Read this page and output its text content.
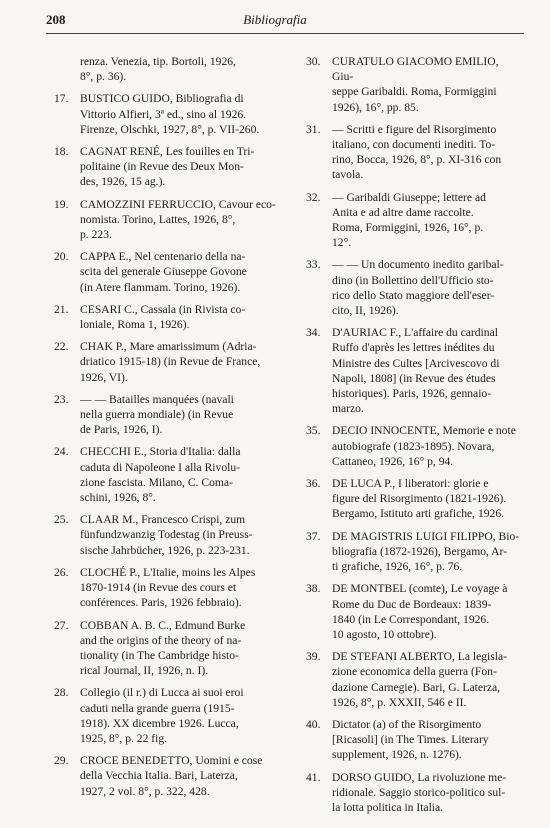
208	Bibliografia
renza. Venezia, tip. Bortoli, 1926,
8°, p. 36).
17. BUSTICO GUIDO, Bibliografia di
Vittorio Alfieri, 3ª ed., sino al 1926.
Firenze, Olschki, 1927, 8°, p. VII-260.
18. CAGNAT RENÉ, Les fouilles en Tri-
politaine (in Revue des Deux Mon-
des, 1926, 15 ag.).
19. CAMOZZINI FERRUCCIO, Cavour eco-
nomista. Torino, Lattes, 1926, 8°,
p. 223.
20. CAPPA E., Nel centenario della na-
scita del generale Giuseppe Govone
(in Atere flammam. Torino, 1926).
21. CESARI C., Cassala (in Rivista co-
loniale, Roma 1, 1926).
22. CHAK P., Mare amarissimum (Adria-
driatico 1915-18) (in Revue de France,
1926, VI).
23. — — Batailles manquées (navali
nella guerra mondiale) (in Revue
de Paris, 1926, I).
24. CHECCHI E., Storia d'Italia: dalla
caduta di Napoleone I alla Rivolu-
zione fascista. Milano, C. Coma-
schini, 1926, 8°.
25. CLAAR M., Francesco Crispi, zum
fünfundzwanzig Todestag (in Preuss-
sische Jahrbücher, 1926, p. 223-231.
26. CLOCHÉ P., L'Italie, moins les Alpes
1870-1914 (in Revue des cours et
conférences. Paris, 1926 febbraio).
27. COBBAN A. B. C., Edmund Burke
and the origins of the theory of na-
tionality (in The Cambridge histo-
rical Journal, II, 1926, n. I).
28. Collegio (il r.) di Lucca ai suoi eroi
caduti nella grande guerra (1915-
1918). XX dicembre 1926. Lucca,
1925, 8°, p. 22 fig.
29. CROCE BENEDETTO, Uomini e cose
della Vecchia Italia. Bari, Laterza,
1927, 2 vol. 8°, p. 322, 428.
30. CURATULO GIACOMO EMILIO, Giu-
seppe Garibaldi. Roma, Formiggini
1926), 16°, pp. 85.
31. — Scritti e figure del Risorgimento
italiano, con documenti inediti. To-
rino, Bocca, 1926, 8°, p. XI-316 con
tavola.
32. — Garibaldi Giuseppe; lettere ad
Anita e ad altre dame raccolte.
Roma, Formiggini, 1926, 16°, p.
12°.
33. — — Un documento inedito garibal-
dino (in Bollettino dell'Ufficio sto-
rico dello Stato maggiore dell'eser-
cito, II, 1926).
34. D'AURIAC F., L'affaire du cardinal
Ruffo d'après les lettres inédites du
Ministre des Cultes [Arcivescovo di
Napoli, 1808] (in Revue des études
historiques). Paris, 1926, gennaio-
marzo.
35. DECIO INNOCENTE, Memorie e note
autobiografe (1823-1895). Novara,
Cattaneo, 1926, 16° p, 94.
36. DE LUCA P., I liberatori: glorie e
figure del Risorgimento (1821-1926).
Bergamo, Istituto arti grafiche, 1926.
37. DE MAGISTRIS LUIGI FILIPPO, Bio-
bliografia (1872-1926), Bergamo, Ar-
ti grafiche, 1926, 16°, p. 76.
38. DE MONTBEL (comte), Le voyage à
Rome du Duc de Bordeaux: 1839-
1840 (in Le Correspondant, 1926.
10 agosto, 10 ottobre).
39. DE STEFANI ALBERTO, La legisla-
zione economica della guerra (Fon-
dazione Carnegie). Bari, G. Laterza,
1926, 8°, p. XXXII, 546 e II.
40. Dictator (a) of the Risorgimento
[Ricasoli] (in The Times. Literary
supplement, 1926, n. 1276).
41. DORSO GUIDO, La rivoluzione me-
ridionale. Saggio storico-politico sul-
la lotta politica in Italia.
